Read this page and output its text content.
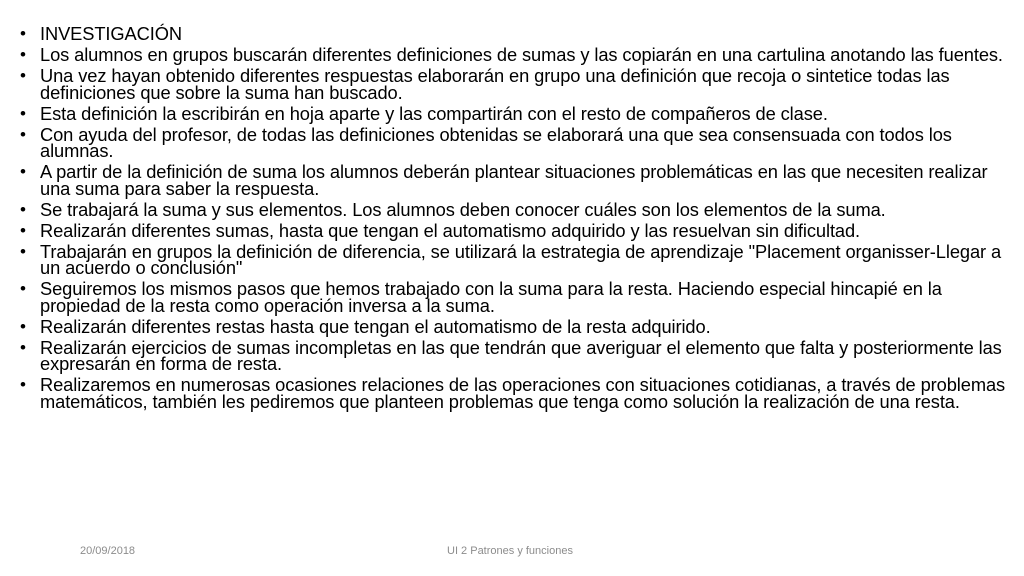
• INVESTIGACIÓN
• Los alumnos en grupos buscarán diferentes definiciones de sumas y las copiarán en una cartulina anotando las fuentes.
• Una vez hayan obtenido diferentes respuestas elaborarán en grupo una definición que recoja o sintetice todas las definiciones que sobre la suma han buscado.
• Esta definición la escribirán en hoja aparte y las compartirán con el resto de compañeros de clase.
• Con ayuda del profesor, de todas las definiciones obtenidas se elaborará una que sea consensuada con todos los alumnas.
• A partir de la definición de suma los alumnos deberán plantear situaciones problemáticas en las que necesiten realizar una suma para saber la respuesta.
• Se trabajará la suma y sus elementos. Los alumnos deben conocer cuáles son los elementos de la suma.
• Realizarán diferentes sumas, hasta que tengan el automatismo adquirido y las resuelvan sin dificultad.
• Trabajarán en grupos la definición de diferencia, se utilizará la estrategia de aprendizaje "Placement organisser-Llegar a un acuerdo o conclusión"
• Seguiremos los mismos pasos que hemos trabajado con la suma para la resta. Haciendo especial hincapié en la propiedad de la resta como operación inversa a la suma.
• Realizarán diferentes restas hasta que tengan el automatismo de la resta adquirido.
• Realizarán ejercicios de sumas incompletas en las que tendrán que averiguar el elemento que falta y posteriormente las expresarán en forma de resta.
• Realizaremos en numerosas ocasiones relaciones de las operaciones con situaciones cotidianas, a través de problemas matemáticos, también les pediremos que planteen problemas que tenga como solución la realización de una resta.
20/09/2018	UI 2 Patrones y funciones
